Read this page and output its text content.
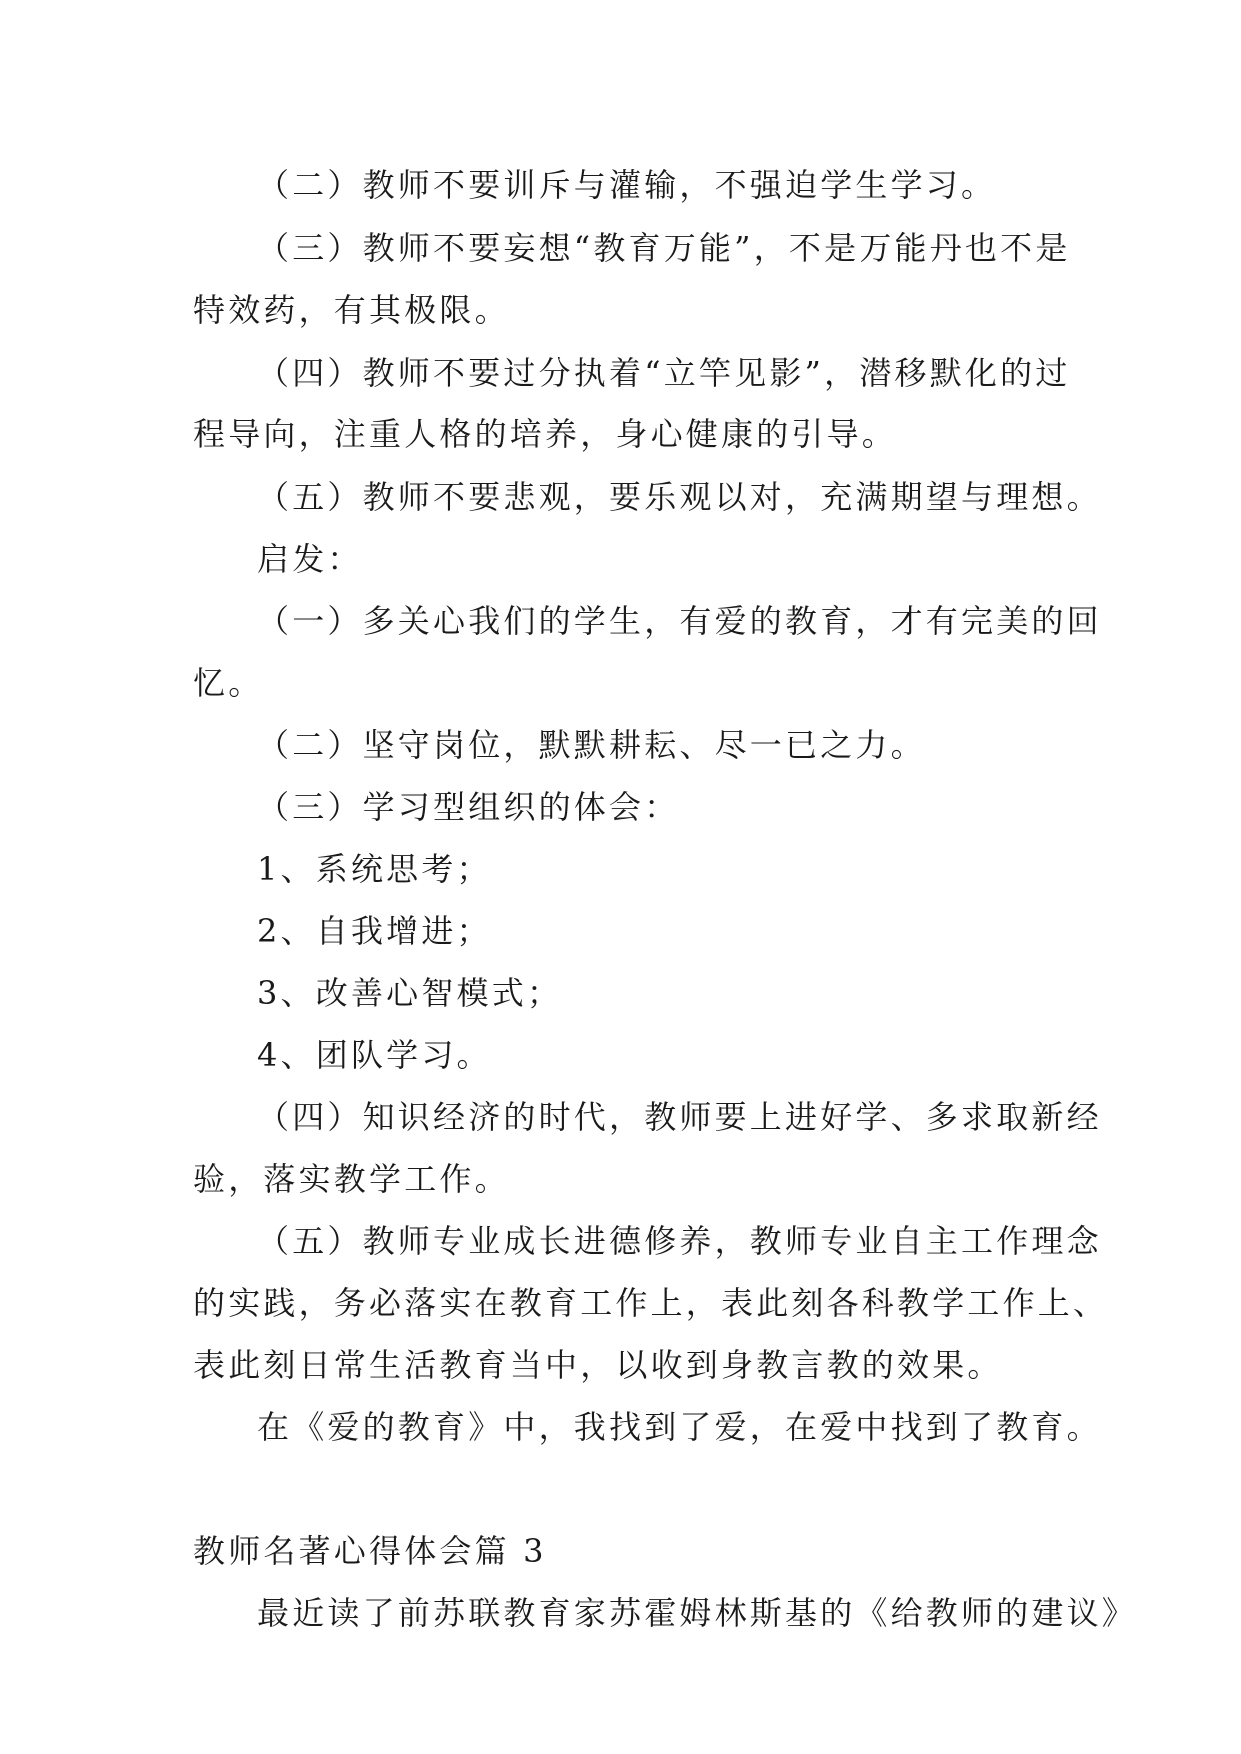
（二）教师不要训斥与灌输，不强迫学生学习。
（三）教师不要妄想“教育万能”，不是万能丹也不是
特效药，有其极限。
（四）教师不要过分执着“立竿见影”，潜移默化的过
程导向，注重人格的培养，身心健康的引导。
（五）教师不要悲观，要乐观以对，充满期望与理想。
启发：
（一）多关心我们的学生，有爱的教育，才有完美的回
忆。
（二）坚守岗位，默默耕耘、尽一已之力。
（三）学习型组织的体会：
1、系统思考；
2、自我增进；
3、改善心智模式；
4、团队学习。
（四）知识经济的时代，教师要上进好学、多求取新经
验，落实教学工作。
（五）教师专业成长进德修养，教师专业自主工作理念
的实践，务必落实在教育工作上，表此刻各科教学工作上、
表此刻日常生活教育当中，以收到身教言教的效果。
在《爱的教育》中，我找到了爱，在爱中找到了教育。
教师名著心得体会篇 3
最近读了前苏联教育家苏霍姆林斯基的《给教师的建议》
